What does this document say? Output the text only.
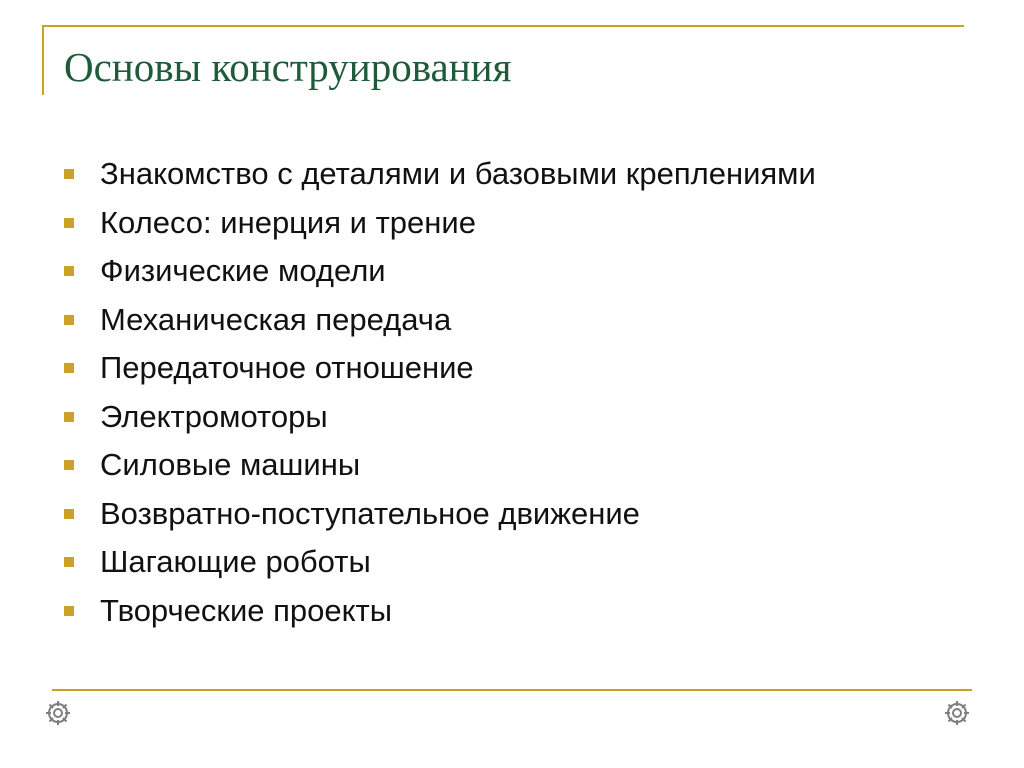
Основы конструирования
Знакомство с деталями и базовыми креплениями
Колесо: инерция и трение
Физические модели
Механическая передача
Передаточное отношение
Электромоторы
Силовые машины
Возвратно-поступательное движение
Шагающие роботы
Творческие проекты
